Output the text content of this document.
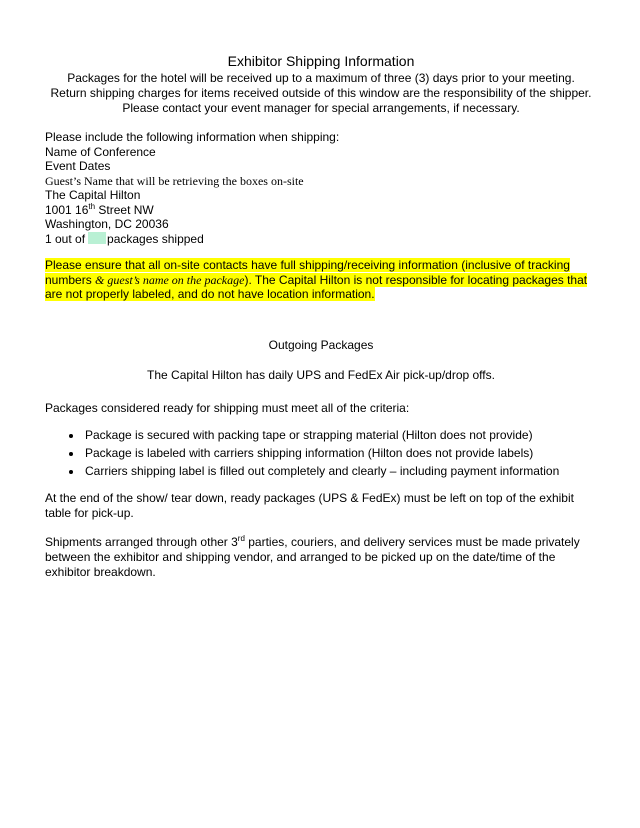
Exhibitor Shipping Information

Packages for the hotel will be received up to a maximum of three (3) days prior to your meeting. Return shipping charges for items received outside of this window are the responsibility of the shipper. Please contact your event manager for special arrangements, if necessary.

Please include the following information when shipping:
Name of Conference
Event Dates
Guest’s Name that will be retrieving the boxes on-site
The Capital Hilton
1001 16th Street NW
Washington, DC 20036
1 out of packages shipped

Please ensure that all on-site contacts have full shipping/receiving information (inclusive of tracking numbers & guest’s name on the package). The Capital Hilton is not responsible for locating packages that are not properly labeled, and do not have location information.

Outgoing Packages
The Capital Hilton has daily UPS and FedEx Air pick-up/drop offs.
Packages considered ready for shipping must meet all of the criteria:
• Package is secured with packing tape or strapping material (Hilton does not provide)
• Package is labeled with carriers shipping information (Hilton does not provide labels)
• Carriers shipping label is filled out completely and clearly – including payment information
At the end of the show/ tear down, ready packages (UPS & FedEx) must be left on top of the exhibit table for pick-up.
Shipments arranged through other 3rd parties, couriers, and delivery services must be made privately between the exhibitor and shipping vendor, and arranged to be picked up on the date/time of the exhibitor breakdown.
